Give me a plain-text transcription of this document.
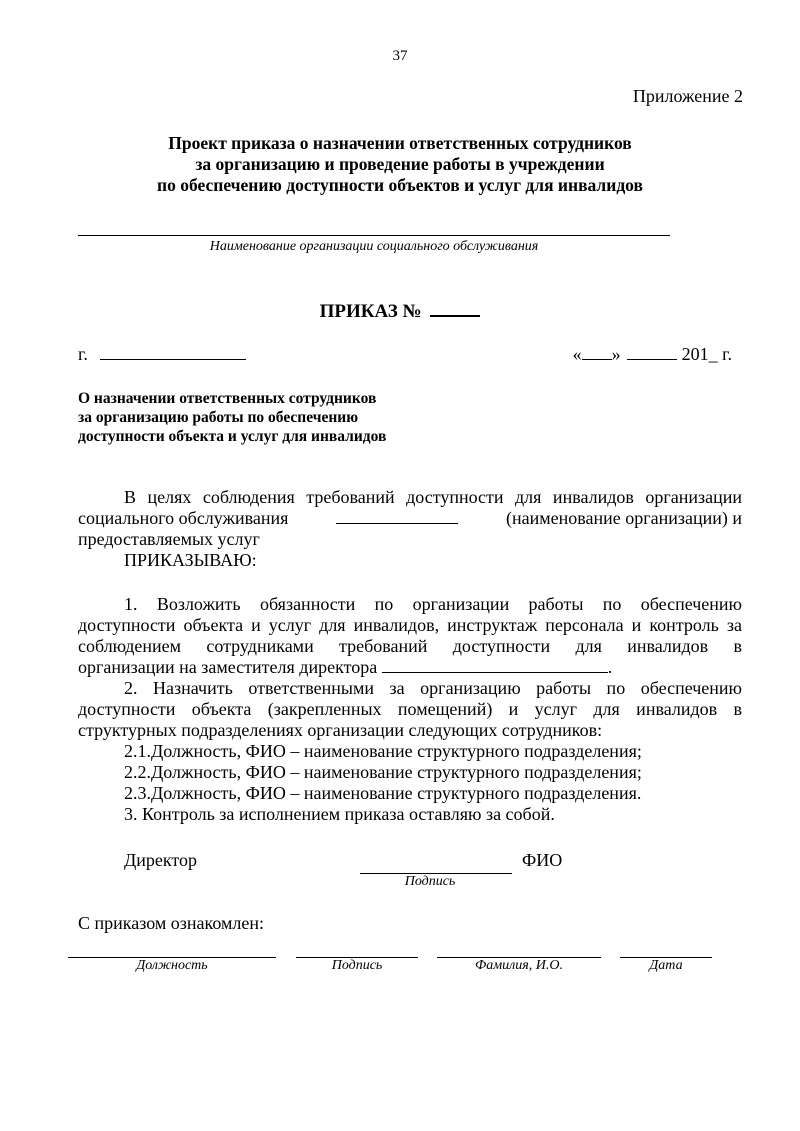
37
Приложение 2
Проект приказа о назначении ответственных сотрудников
за организацию и проведение работы в учреждении
по обеспечению доступности объектов и услуг для инвалидов
Наименование организации социального обслуживания
ПРИКАЗ №
г.	« »	201_ г.
О назначении ответственных сотрудников
за организацию работы по обеспечению
доступности объекта и услуг для инвалидов
В целях соблюдения требований доступности для инвалидов организации
социального обслуживания	(наименование организации) и
предоставляемых услуг
ПРИКАЗЫВАЮ:
1. Возложить обязанности по организации работы по обеспечению
доступности объекта и услуг для инвалидов, инструктаж персонала и контроль за
соблюдением сотрудниками требований доступности для инвалидов в
организации на заместителя директора	.
2. Назначить ответственными за организацию работы по обеспечению
доступности объекта (закрепленных помещений) и услуг для инвалидов в
структурных подразделениях организации следующих сотрудников:
2.1.Должность, ФИО – наименование структурного подразделения;
2.2.Должность, ФИО – наименование структурного подразделения;
2.3.Должность, ФИО – наименование структурного подразделения.
3. Контроль за исполнением приказа оставляю за собой.
Директор	ФИО
Подпись
С приказом ознакомлен:
Должность	Подпись	Фамилия, И.О.	Дата
